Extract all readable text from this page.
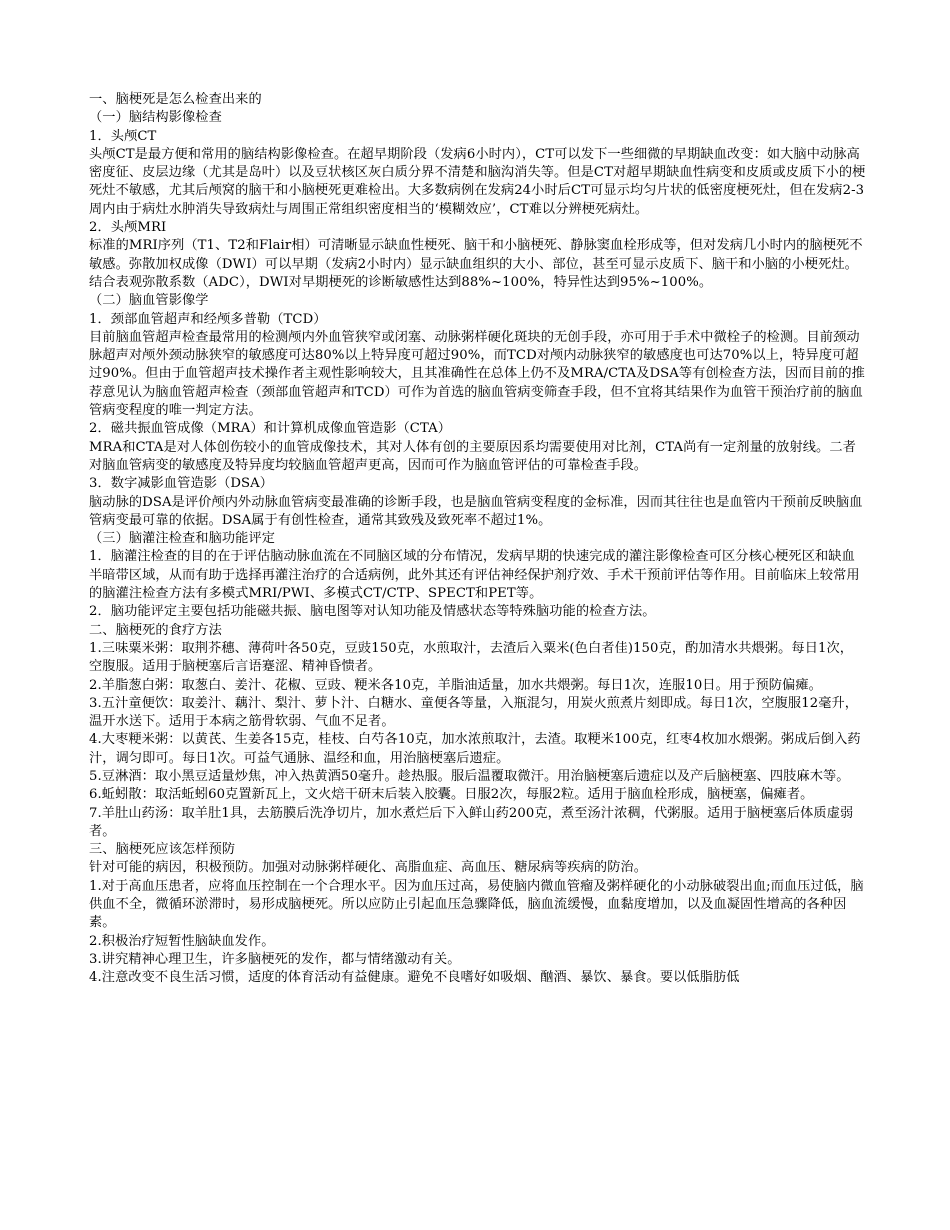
一、脑梗死是怎么检查出来的

（一）脑结构影像检查

1．头颅CT

头颅CT是最方便和常用的脑结构影像检查。在超早期阶段（发病6小时内），CT可以发下一些细微的早期缺血改变：如大脑中动脉高密度征、皮层边缘（尤其是岛叶）以及豆状核区灰白质分界不清楚和脑沟消失等。但是CT对超早期缺血性病变和皮质或皮质下小的梗死灶不敏感，尤其后颅窝的脑干和小脑梗死更难检出。大多数病例在发病24小时后CT可显示均匀片状的低密度梗死灶，但在发病2-3周内由于病灶水肿消失导致病灶与周围正常组织密度相当的‘模糊效应’，CT难以分辨梗死病灶。

2．头颅MRI

标准的MRI序列（T1、T2和Flair相）可清晰显示缺血性梗死、脑干和小脑梗死、静脉窦血栓形成等，但对发病几小时内的脑梗死不敏感。弥散加权成像（DWI）可以早期（发病2小时内）显示缺血组织的大小、部位，甚至可显示皮质下、脑干和小脑的小梗死灶。结合表观弥散系数（ADC），DWI对早期梗死的诊断敏感性达到88%~100%，特异性达到95%~100%。

（二）脑血管影像学

1．颈部血管超声和经颅多普勒（TCD）

目前脑血管超声检查最常用的检测颅内外血管狭窄或闭塞、动脉粥样硬化斑块的无创手段，亦可用于手术中微栓子的检测。目前颈动脉超声对颅外颈动脉狭窄的敏感度可达80%以上特异度可超过90%，而TCD对颅内动脉狭窄的敏感度也可达70%以上，特异度可超过90%。但由于血管超声技术操作者主观性影响较大，且其准确性在总体上仍不及MRA/CTA及DSA等有创检查方法，因而目前的推荐意见认为脑血管超声检查（颈部血管超声和TCD）可作为首选的脑血管病变筛查手段，但不宜将其结果作为血管干预治疗前的脑血管病变程度的唯一判定方法。

2．磁共振血管成像（MRA）和计算机成像血管造影（CTA）

MRA和CTA是对人体创伤较小的血管成像技术，其对人体有创的主要原因系均需要使用对比剂，CTA尚有一定剂量的放射线。二者对脑血管病变的敏感度及特异度均较脑血管超声更高，因而可作为脑血管评估的可靠检查手段。

3．数字减影血管造影（DSA）

脑动脉的DSA是评价颅内外动脉血管病变最准确的诊断手段，也是脑血管病变程度的金标准，因而其往往也是血管内干预前反映脑血管病变最可靠的依据。DSA属于有创性检查，通常其致残及致死率不超过1%。

（三）脑灌注检查和脑功能评定

1．脑灌注检查的目的在于评估脑动脉血流在不同脑区域的分布情况，发病早期的快速完成的灌注影像检查可区分核心梗死区和缺血半暗带区域，从而有助于选择再灌注治疗的合适病例，此外其还有评估神经保护剂疗效、手术干预前评估等作用。目前临床上较常用的脑灌注检查方法有多模式MRI/PWI、多模式CT/CTP、SPECT和PET等。

2．脑功能评定主要包括功能磁共振、脑电图等对认知功能及情感状态等特殊脑功能的检查方法。

二、脑梗死的食疗方法

1.三味粟米粥：取荆芥穗、薄荷叶各50克，豆豉150克，水煎取汁，去渣后入粟米(色白者佳)150克，酌加清水共煨粥。每日1次，空腹服。适用于脑梗塞后言语蹇涩、精神昏愦者。

2.羊脂葱白粥：取葱白、姜汁、花椒、豆豉、粳米各10克，羊脂油适量，加水共煨粥。每日1次，连服10日。用于预防偏瘫。

3.五汁童便饮：取姜汁、藕汁、梨汁、萝卜汁、白糖水、童便各等量，入瓶混匀，用炭火煎煮片刻即成。每日1次，空腹服12毫升，温开水送下。适用于本病之筋骨软弱、气血不足者。

4.大枣粳米粥：以黄芪、生姜各15克，桂枝、白芍各10克，加水浓煎取汁，去渣。取粳米100克，红枣4枚加水煨粥。粥成后倒入药汁，调匀即可。每日1次。可益气通脉、温经和血，用治脑梗塞后遗症。

5.豆淋酒：取小黑豆适量炒焦，冲入热黄酒50毫升。趁热服。服后温覆取微汗。用治脑梗塞后遗症以及产后脑梗塞、四肢麻木等。

6.蚯蚓散：取活蚯蚓60克置新瓦上，文火焙干研末后装入胶囊。日服2次，每服2粒。适用于脑血栓形成，脑梗塞，偏瘫者。

7.羊肚山药汤：取羊肚1具，去筋膜后洗净切片，加水煮烂后下入鲜山药200克，煮至汤汁浓稠，代粥服。适用于脑梗塞后体质虚弱者。

三、脑梗死应该怎样预防

针对可能的病因，积极预防。加强对动脉粥样硬化、高脂血症、高血压、糖尿病等疾病的防治。

1.对于高血压患者，应将血压控制在一个合理水平。因为血压过高，易使脑内微血管瘤及粥样硬化的小动脉破裂出血;而血压过低，脑供血不全，微循环淤滞时，易形成脑梗死。所以应防止引起血压急骤降低，脑血流缓慢，血黏度增加，以及血凝固性增高的各种因素。

2.积极治疗短暂性脑缺血发作。

3.讲究精神心理卫生，许多脑梗死的发作，都与情绪激动有关。

4.注意改变不良生活习惯，适度的体育活动有益健康。避免不良嗜好如吸烟、酗酒、暴饮、暴食。要以低脂肪低
